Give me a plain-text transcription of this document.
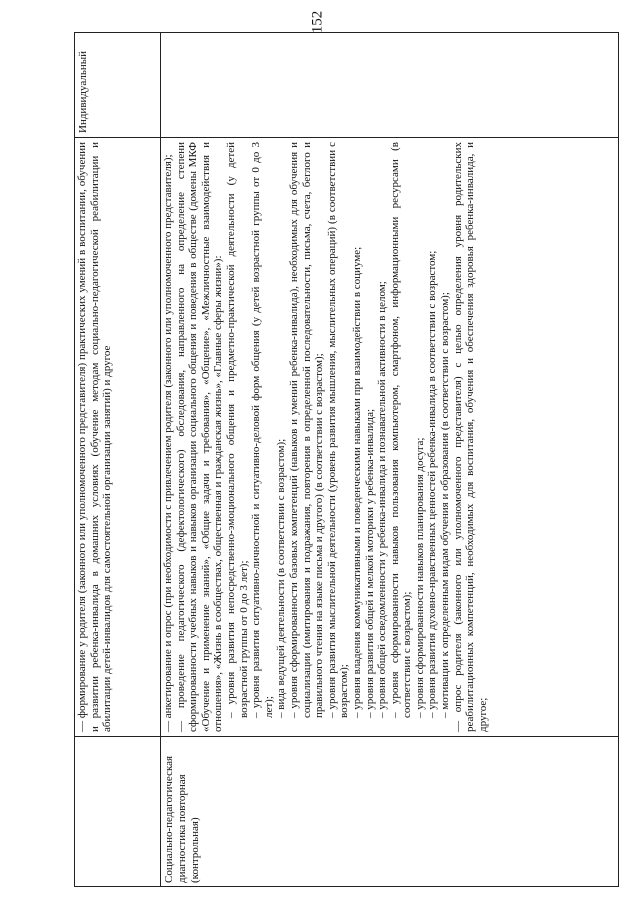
152

— формирование у родителя (законного или уполномоченного представителя) практических умений в воспитании, обучении и развитии ребенка-инвалида в домашних условиях (обучение методам социально-педагогической реабилитации и абилитации детей-инвалидов для самостоятельной организации занятий) и другое

Индивидуальный
Социально-педагогическая диагностика повторная (контрольная)

— анкетирование и опрос (при необходимости с привлечением родителя (законного или уполномоченного представителя); — проведение педагогического (дефектологического) обследования, направленного на определение степени сформированности учебных навыков и навыков организации социального общения и поведения в обществе (домены МКФ «Обучение и применение знаний», «Общие задачи и требования», «Общение», «Межличностные взаимодействия и отношения», «Жизнь в сообществах, общественная и гражданская жизнь», «Главные сферы жизни»): – уровня развития непосредственно-эмоционального общения и предметно-практической деятельности (у детей возрастной группы от 0 до 3 лет); – уровня развития ситуативно-личностной и ситуативно-деловой форм общения (у детей возрастной группы от 0 до 3 лет); – вида ведущей деятельности (в соответствии с возрастом); – уровня сформированности базовых компетенций (навыков и умений ребенка-инвалида), необходимых для обучения и социализации (имитирования и подражания, повторения в определенной последовательности, письма, счета, беглого и правильного чтения на языке письма и другого) (в соответствии с возрастом); – уровня развития мыслительной деятельности (уровень развития мышления, мыслительных операций) (в соответствии с возрастом); – уровня владения коммуникативными и поведенческими навыками при взаимодействии в социуме; – уровня развития общей и мелкой моторики у ребенка-инвалида; – уровня общей осведомленности у ребенка-инвалида и познавательной активности в целом; – уровня сформированности навыков пользования компьютером, смартфоном, информационными ресурсами (в соответствии с возрастом); – уровня сформированности навыков планирования досуга; – уровня развития духовно-нравственных ценностей ребенка-инвалида в соответствии с возрастом; – мотивации к определенным видам обучения и образования (в соответствии с возрастом); — опрос родителя (законного или уполномоченного представителя) с целью определения уровня родительских реабилитационных компетенций, необходимых для воспитания, обучения и обеспечения здоровья ребенка-инвалида, и другое;
